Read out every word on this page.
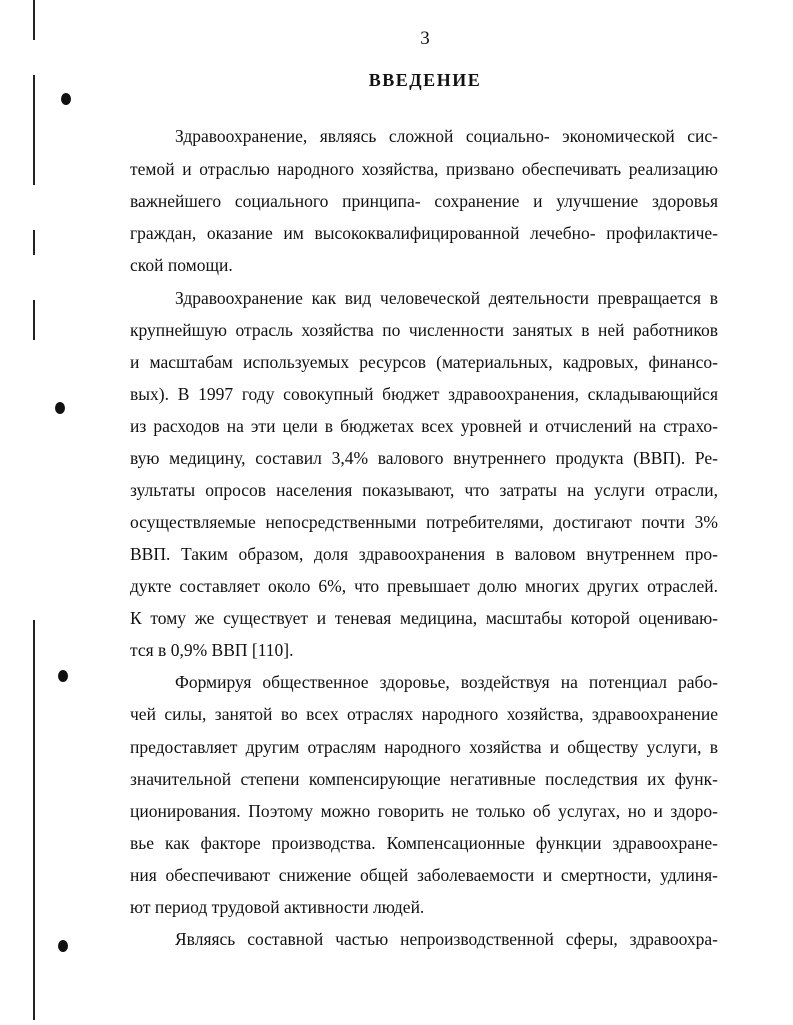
3
ВВЕДЕНИЕ
Здравоохранение, являясь сложной социально- экономической сис-
темой и отраслью народного хозяйства, призвано обеспечивать реализацию
важнейшего социального принципа- сохранение и улучшение здоровья
граждан, оказание им высококвалифицированной лечебно- профилактиче-
ской помощи.
Здравоохранение как вид человеческой деятельности превращается в
крупнейшую отрасль хозяйства по численности занятых в ней работников
и масштабам используемых ресурсов (материальных, кадровых, финансо-
вых). В 1997 году совокупный бюджет здравоохранения, складывающийся
из расходов на эти цели в бюджетах всех уровней и отчислений на страхо-
вую медицину, составил 3,4% валового внутреннего продукта (ВВП). Ре-
зультаты опросов населения показывают, что затраты на услуги отрасли,
осуществляемые непосредственными потребителями, достигают почти 3%
ВВП. Таким образом, доля здравоохранения в валовом внутреннем про-
дукте составляет около 6%, что превышает долю многих других отраслей.
К тому же существует и теневая медицина, масштабы которой оцениваю-
тся в 0,9% ВВП [110].
Формируя общественное здоровье, воздействуя на потенциал рабо-
чей силы, занятой во всех отраслях народного хозяйства, здравоохранение
предоставляет другим отраслям народного хозяйства и обществу услуги, в
значительной степени компенсирующие негативные последствия их функ-
ционирования. Поэтому можно говорить не только об услугах, но и здоро-
вье как факторе производства. Компенсационные функции здравоохране-
ния обеспечивают снижение общей заболеваемости и смертности, удлиня-
ют период трудовой активности людей.
Являясь составной частью непроизводственной сферы, здравоохра-
